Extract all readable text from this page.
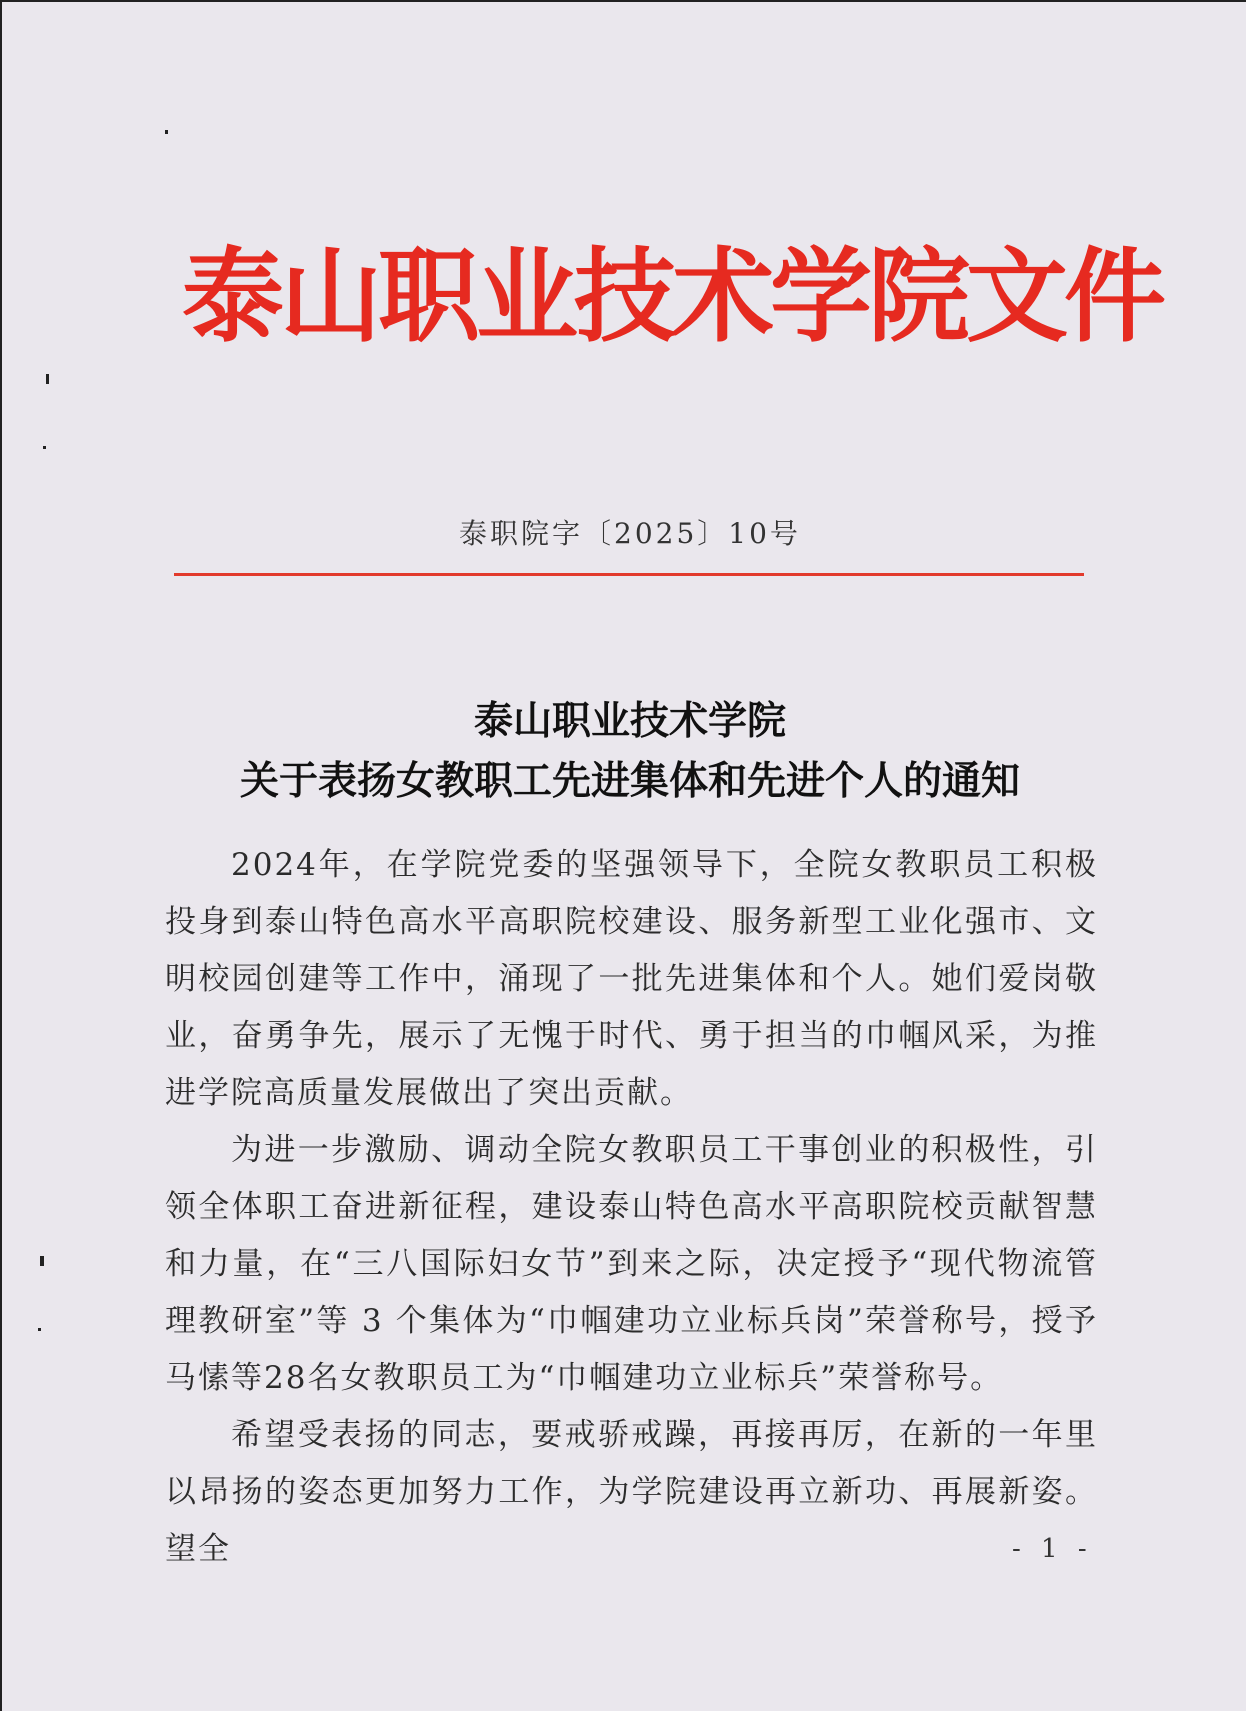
泰山职业技术学院文件
泰职院字〔2025〕10号
泰山职业技术学院
关于表扬女教职工先进集体和先进个人的通知

2024年，在学院党委的坚强领导下，全院女教职员工积极投身到泰山特色高水平高职院校建设、服务新型工业化强市、文明校园创建等工作中，涌现了一批先进集体和个人。她们爱岗敬业，奋勇争先，展示了无愧于时代、勇于担当的巾帼风采，为推进学院高质量发展做出了突出贡献。

为进一步激励、调动全院女教职员工干事创业的积极性，引领全体职工奋进新征程，建设泰山特色高水平高职院校贡献智慧和力量，在“三八国际妇女节”到来之际，决定授予“现代物流管理教研室”等 3 个集体为“巾帼建功立业标兵岗”荣誉称号，授予马愫等28名女教职员工为“巾帼建功立业标兵”荣誉称号。

希望受表扬的同志，要戒骄戒躁，再接再厉，在新的一年里以昂扬的姿态更加努力工作，为学院建设再立新功、再展新姿。望全	- 1 -
